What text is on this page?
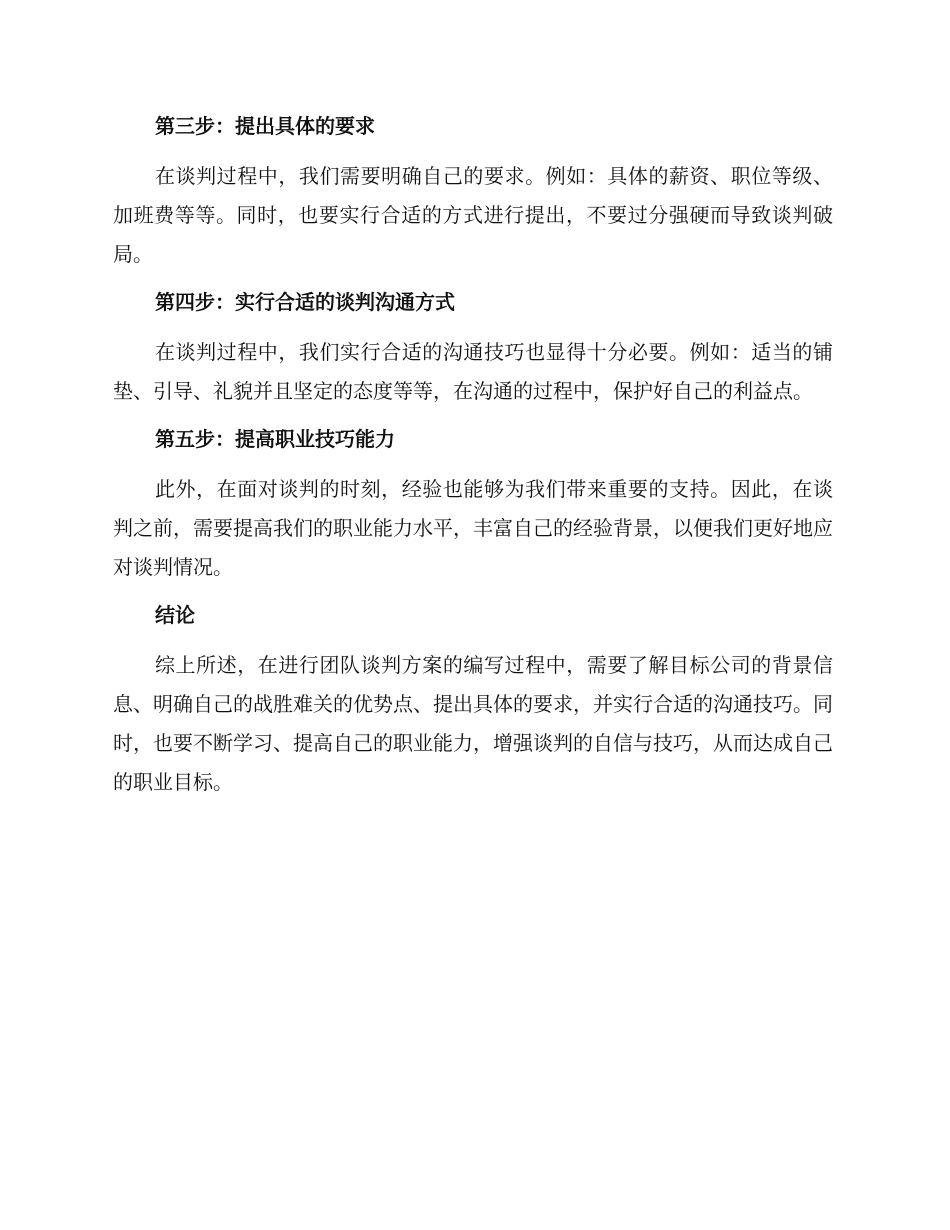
第三步：提出具体的要求

在谈判过程中，我们需要明确自己的要求。例如：具体的薪资、职位等级、加班费等等。同时，也要实行合适的方式进行提出，不要过分强硬而导致谈判破局。

第四步：实行合适的谈判沟通方式

在谈判过程中，我们实行合适的沟通技巧也显得十分必要。例如：适当的铺垫、引导、礼貌并且坚定的态度等等，在沟通的过程中，保护好自己的利益点。

第五步：提高职业技巧能力

此外，在面对谈判的时刻，经验也能够为我们带来重要的支持。因此，在谈判之前，需要提高我们的职业能力水平，丰富自己的经验背景，以便我们更好地应对谈判情况。

结论

综上所述，在进行团队谈判方案的编写过程中，需要了解目标公司的背景信息、明确自己的战胜难关的优势点、提出具体的要求，并实行合适的沟通技巧。同时，也要不断学习、提高自己的职业能力，增强谈判的自信与技巧，从而达成自己的职业目标。
